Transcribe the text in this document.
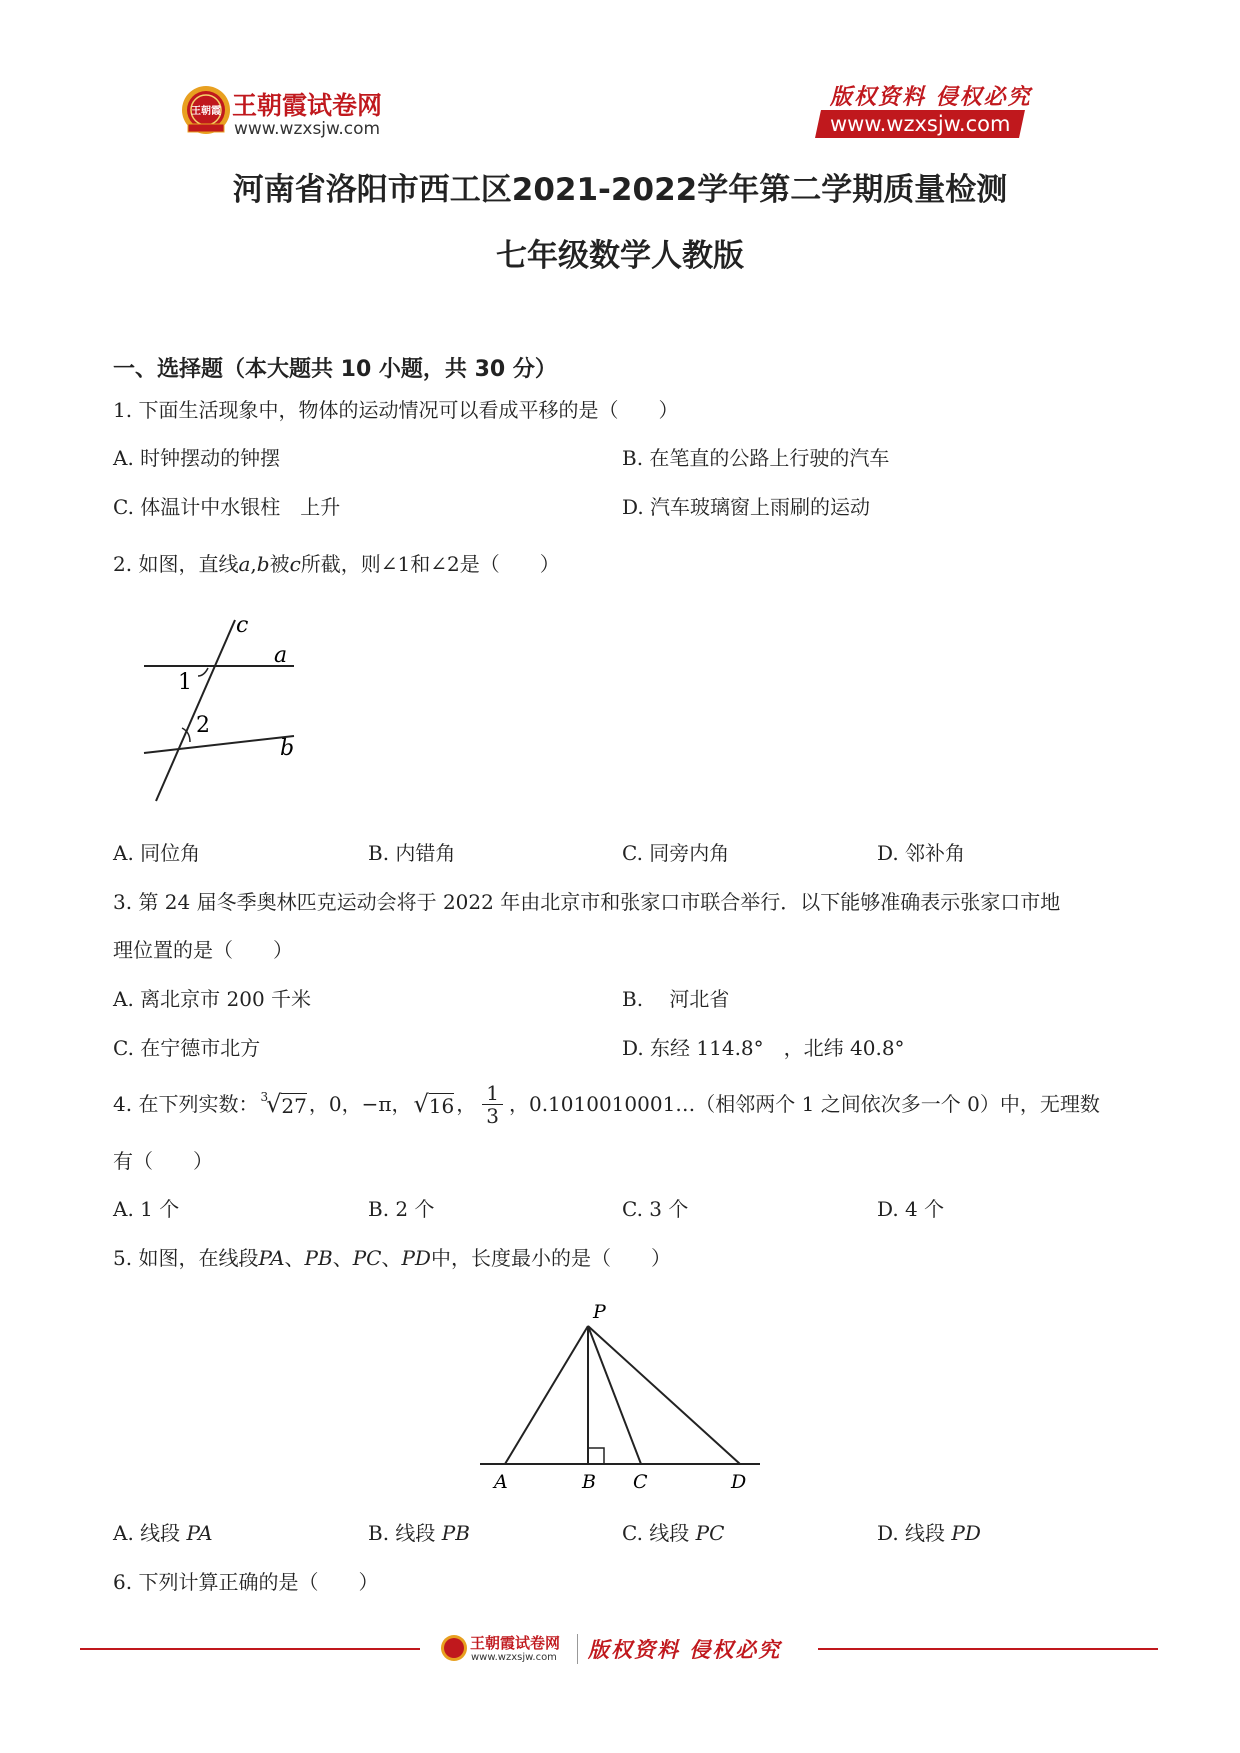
王朝霞 王朝霞试卷网
www.wzxsjw.com
版权资料 侵权必究
www.wzxsjw.com
河南省洛阳市西工区2021-2022学年第二学期质量检测
七年级数学人教版
一、选择题（本大题共 10 小题，共 30 分）
1. 下面生活现象中，物体的运动情况可以看成平移的是（　　）
A. 时钟摆动的钟摆	B. 在笔直的公路上行驶的汽车
C. 体温计中水银柱　上升	D. 汽车玻璃窗上雨刷的运动
2. 如图，直线a,b被c所截，则∠1和∠2是（　　）
c
a
b
1
2
A. 同位角	B. 内错角	C. 同旁内角	D. 邻补角
3. 第 24 届冬季奥林匹克运动会将于 2022 年由北京市和张家口市联合举行．以下能够准确表示张家口市地
理位置的是（　　）
A. 离北京市 200 千米	B.　 河北省
C. 在宁德市北方	D. 东经 114.8°　，北纬 40.8°
4. 在下列实数： 3
√ 27 ，0，−π， √ 16 ， 1
3 ，0.1010010001…（相邻两个 1 之间依次多一个 0）中，无理数
有（　　）
A. 1 个	B. 2 个	C. 3 个	D. 4 个
5. 如图，在线段PA、PB、PC、PD中，长度最小的是（　　）
P
A	B C	D
A. 线段 PA	B. 线段 PB	C. 线段 PC	D. 线段 PD
6. 下列计算正确的是（　　）
王朝霞试卷网
www.wzxsjw.com 版权资料 侵权必究
